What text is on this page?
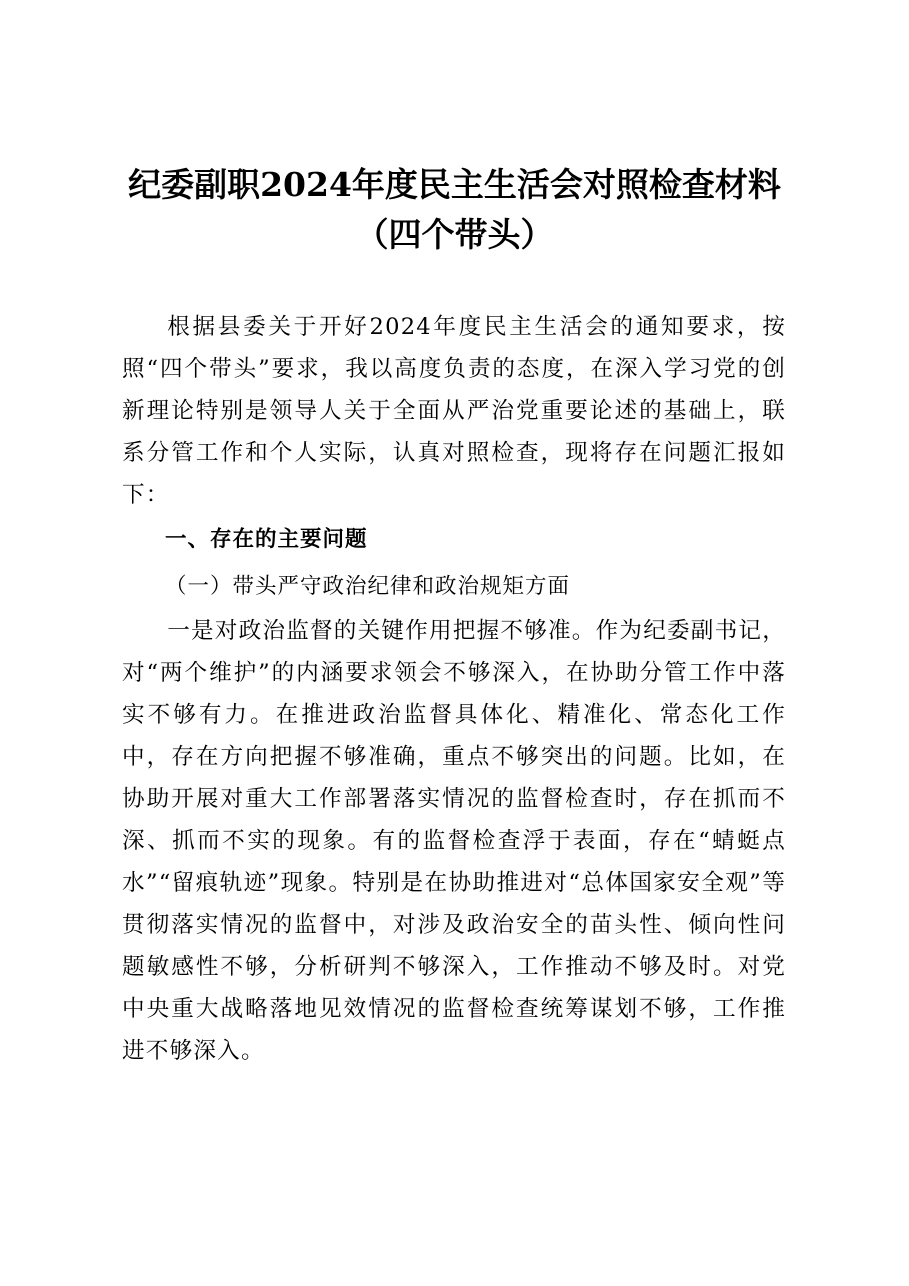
纪委副职2024年度民主生活会对照检查材料
（四个带头）

根据县委关于开好2024年度民主生活会的通知要求，按照“四个带头”要求，我以高度负责的态度，在深入学习党的创新理论特别是领导人关于全面从严治党重要论述的基础上，联系分管工作和个人实际，认真对照检查，现将存在问题汇报如下：

一、存在的主要问题

（一）带头严守政治纪律和政治规矩方面

一是对政治监督的关键作用把握不够准。作为纪委副书记，对“两个维护”的内涵要求领会不够深入，在协助分管工作中落实不够有力。在推进政治监督具体化、精准化、常态化工作中，存在方向把握不够准确，重点不够突出的问题。比如，在协助开展对重大工作部署落实情况的监督检查时，存在抓而不深、抓而不实的现象。有的监督检查浮于表面，存在“蜻蜓点水”“留痕轨迹”现象。特别是在协助推进对“总体国家安全观”等贯彻落实情况的监督中，对涉及政治安全的苗头性、倾向性问题敏感性不够，分析研判不够深入，工作推动不够及时。对党中央重大战略落地见效情况的监督检查统筹谋划不够，工作推进不够深入。
